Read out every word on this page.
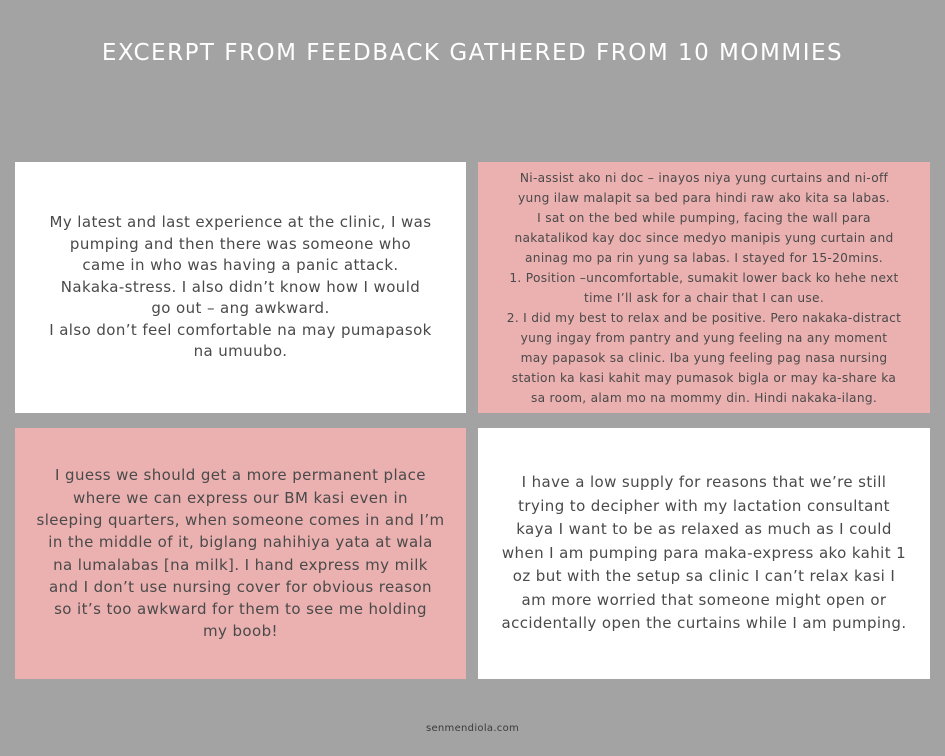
EXCERPT FROM FEEDBACK GATHERED FROM 10 MOMMIES

My latest and last experience at the clinic, I was
pumping and then there was someone who
came in who was having a panic attack.
Nakaka-stress. I also didn’t know how I would
go out – ang awkward.
I also don’t feel comfortable na may pumapasok
na umuubo.

Ni-assist ako ni doc – inayos niya yung curtains and ni-off
yung ilaw malapit sa bed para hindi raw ako kita sa labas.
I sat on the bed while pumping, facing the wall para
nakatalikod kay doc since medyo manipis yung curtain and
aninag mo pa rin yung sa labas. I stayed for 15-20mins.
1. Position –uncomfortable, sumakit lower back ko hehe next
time I’ll ask for a chair that I can use.
2. I did my best to relax and be positive. Pero nakaka-distract
yung ingay from pantry and yung feeling na any moment
may papasok sa clinic. Iba yung feeling pag nasa nursing
station ka kasi kahit may pumasok bigla or may ka-share ka
sa room, alam mo na mommy din. Hindi nakaka-ilang.

I guess we should get a more permanent place
where we can express our BM kasi even in
sleeping quarters, when someone comes in and I’m
in the middle of it, biglang nahihiya yata at wala
na lumalabas [na milk]. I hand express my milk
and I don’t use nursing cover for obvious reason
so it’s too awkward for them to see me holding
my boob!

I have a low supply for reasons that we’re still
trying to decipher with my lactation consultant
kaya I want to be as relaxed as much as I could
when I am pumping para maka-express ako kahit 1
oz but with the setup sa clinic I can’t relax kasi I
am more worried that someone might open or
accidentally open the curtains while I am pumping.

senmendiola.com
